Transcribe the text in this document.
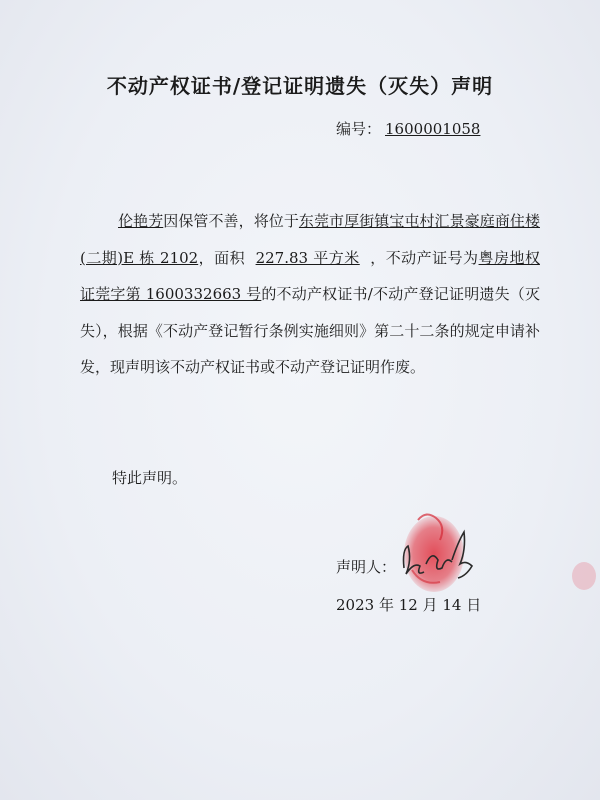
不动产权证书/登记证明遗失（灭失）声明
编号： 1600001058
伦艳芳因保管不善，将位于东莞市厚街镇宝屯村汇景豪庭商住楼(二期)E 栋 2102，面积 227.83 平方米 ，不动产证号为粤房地权证莞字第 1600332663 号的不动产权证书/不动产登记证明遗失（灭失），根据《不动产登记暂行条例实施细则》第二十二条的规定申请补发，现声明该不动产权证书或不动产登记证明作废。
特此声明。
声明人：
2023 年 12 月 14 日
